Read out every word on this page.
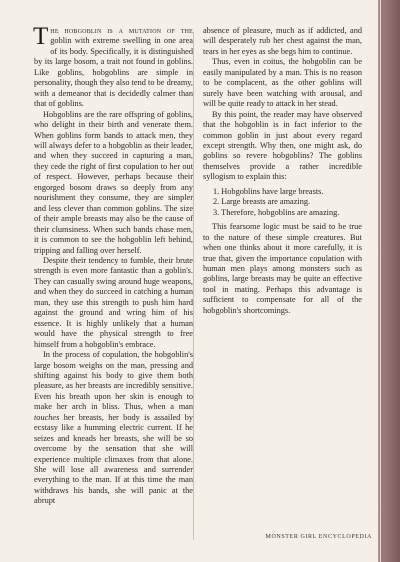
The hobgoblin is a mutation of the goblin with extreme swelling in one area of its body. Specifically, it is distinguished by its large bosom, a trait not found in goblins. Like goblins, hobgoblins are simple in personality, though they also tend to be dreamy, with a demeanor that is decidedly calmer than that of goblins.

Hobgoblins are the rare offspring of goblins, who delight in their birth and venerate them. When goblins form bands to attack men, they will always defer to a hobgoblin as their leader, and when they succeed in capturing a man, they cede the right of first copulation to her out of respect. However, perhaps because their engorged bosom draws so deeply from any nourishment they consume, they are simpler and less clever than common goblins. The size of their ample breasts may also be the cause of their clumsiness. When such bands chase men, it is common to see the hobgoblin left behind, tripping and falling over herself.

Despite their tendency to fumble, their brute strength is even more fantastic than a goblin's. They can casually swing around huge weapons, and when they do succeed in catching a human man, they use this strength to push him hard against the ground and wring him of his essence. It is highly unlikely that a human would have the physical strength to free himself from a hobgoblin's embrace.

In the process of copulation, the hobgoblin's large bosom weighs on the man, pressing and shifting against his body to give them both pleasure, as her breasts are incredibly sensitive. Even his breath upon her skin is enough to make her arch in bliss. Thus, when a man touches her breasts, her body is assailed by ecstasy like a humming electric current. If he seizes and kneads her breasts, she will be so overcome by the sensation that she will experience multiple climaxes from that alone. She will lose all awareness and surrender everything to the man. If at this time the man withdraws his hands, she will panic at the abrupt

absence of pleasure, much as if addicted, and will desperately rub her chest against the man, tears in her eyes as she begs him to continue.

Thus, even in coitus, the hobgoblin can be easily manipulated by a man. This is no reason to be complacent, as the other goblins will surely have been watching with arousal, and will be quite ready to attack in her stead.

By this point, the reader may have observed that the hobgoblin is in fact inferior to the common goblin in just about every regard except strength. Why then, one might ask, do goblins so revere hobgoblins? The goblins themselves provide a rather incredible syllogism to explain this:

1. Hobgoblins have large breasts.
2. Large breasts are amazing.
3. Therefore, hobgoblins are amazing.

This fearsome logic must be said to be true to the nature of these simple creatures. But when one thinks about it more carefully, it is true that, given the importance copulation with human men plays among monsters such as goblins, large breasts may be quite an effective tool in mating. Perhaps this advantage is sufficient to compensate for all of the hobgoblin's shortcomings.

MONSTER GIRL ENCYCLOPEDIA
